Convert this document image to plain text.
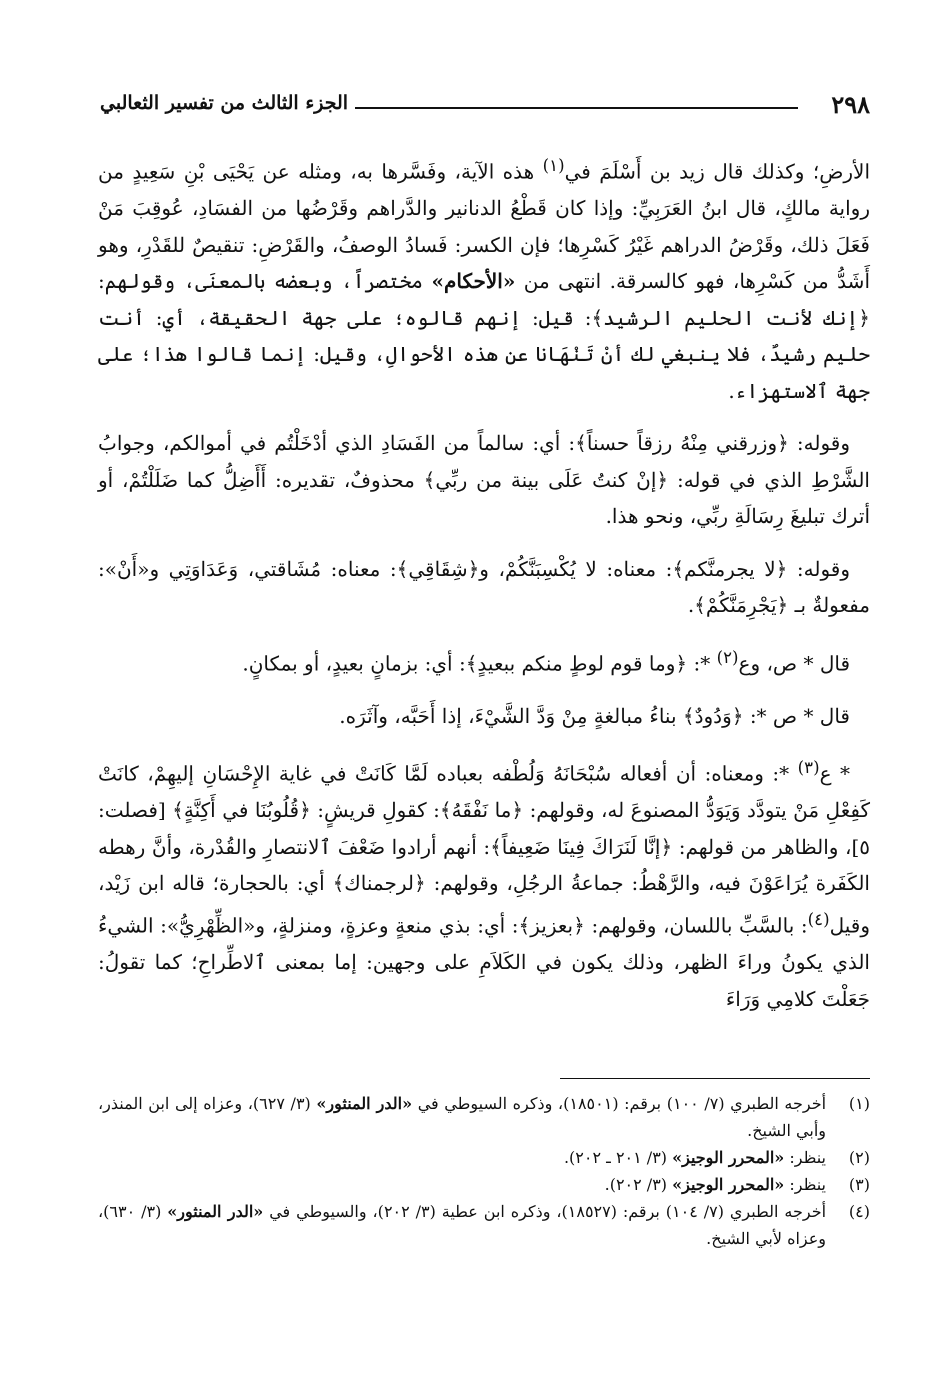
٢٩٨
الجزء الثالث من تفسير الثعالبي

الأرضِ؛ وكذلك قال زيد بن أَسْلَمَ في$^{(١)}$ هذه الآية، وفَسَّرها به، ومثله عن يَحْيَى بْنِ سَعِيدٍ من رواية مالكٍ، قال ابنُ العَرَبِيِّ: وإذا كان قَطْعُ الدنانير والدَّراهم وقَرْضُها من الفسَادِ، عُوقِبَ مَنْ فَعَلَ ذلك، وقَرْضُ الدراهم غَيْرُ كَسْرِها؛ فإن الكسر: فَسادُ الوصفُ، والقَرْضِ: تنقيصٌ للقَدْرِ، وهو أَشَدُّ من كَسْرِها، فهو كالسرقة. انتهى من «الأحكام» مختصراً، وبعضه بالمعنَى، وقولهم: ﴿إنك لأنت الحليم الرشيد﴾: قيل: إنهم قالوه؛ على جهة الحقيقة، أي: أنت حليم رشيدٌ، فلا ينبغي لك أنْ تَنْهَانا عن هذه الأحوالِ، وقيل: إنما قالوا هذا؛ على جهة ٱلاستهزاء.

وقوله: ﴿وزرقني مِنْهُ رزقاً حسناً﴾: أي: سالماً من الفَسَادِ الذي أدْخَلْتُم في أموالكم، وجوابُ الشَّرْطِ الذي في قوله: ﴿إنْ كنتُ عَلَى بينة من ربِّي﴾ محذوفٌ، تقديره: أَأَضِلُّ كما ضَلَلْتُمْ، أو أترك تبليغَ رِسَالَةِ ربِّي، ونحو هذا.

وقوله: ﴿لا يجرمنَّكم﴾: معناه: لا يُكْسِبَنَّكُمْ، و﴿شِقَاقِي﴾: معناه: مُشَاقتي، وَعَدَاوَتِي و«أَنْ»: مفعولةٌ بـ ﴿يَجْرِمَنَّكُمْ﴾.

قال * ص، وع$^{(٢)}$ *: ﴿وما قوم لوطٍ منكم ببعيدٍ﴾: أي: بزمانٍ بعيدٍ، أو بمكانٍ.

قال * ص *: ﴿وَدُودٌ﴾ بناءُ مبالغةٍ مِنْ وَدَّ الشَّيْءَ، إذا أَحَبَّه، وآثَرَه.

* ع$^{(٣)}$ *: ومعناه: أن أفعاله سُبْحَانَهُ وَلُطْفه بعباده لَمَّا كَانَتْ في غاية الإِحْسَانِ إليهِمْ، كانَتْ كَفِعْلِ مَنْ يتودَّد وَيَوَدُّ المصنوعَ له، وقولهم: ﴿ما نَفْقَهُ﴾: كقولِ قريشٍ: ﴿قُلُوبُنَا في أَكِنَّةٍ﴾ [فصلت: ٥]، والظاهر من قولهم: ﴿إنَّا لَنَرَاكَ فِينَا ضَعِيفاً﴾: أنهم أرادوا ضَعْفَ ٱلانتصارِ والقُدْرة، وأنَّ رهطه الكَفَرة يُرَاعَوْنَ فيه، والرَّهْطُ: جماعةُ الرجُلِ، وقولهم: ﴿لرجمناك﴾ أي: بالحجارة؛ قاله ابن زَيْد، وقيل$^{(٤)}$: بالسَّبِّ باللسان، وقولهم: ﴿بعزيز﴾: أي: بذي منعةٍ وعزةٍ، ومنزلةٍ، و«الظِّهْرِيُّ»: الشيءُ الذي يكونُ وراءَ الظهر، وذلك يكون في الكَلاَمِ على وجهين: إما بمعنى ٱلاطِّراحِ؛ كما تقولُ: جَعَلْتَ كلامِي وَرَاءَ

(١)
أخرجه الطبري (٧/ ١٠٠) برقم: (١٨٥٠١)، وذكره السيوطي في «الدر المنثور» (٣/ ٦٢٧)، وعزاه إلى ابن المنذر، وأبي الشيخ.
(٢)
ينظر: «المحرر الوجيز» (٣/ ٢٠١ ـ ٢٠٢).
(٣)
ينظر: «المحرر الوجيز» (٣/ ٢٠٢).
(٤)
أخرجه الطبري (٧/ ١٠٤) برقم: (١٨٥٢٧)، وذكره ابن عطية (٣/ ٢٠٢)، والسيوطي في «الدر المنثور» (٣/ ٦٣٠)، وعزاه لأبي الشيخ.
